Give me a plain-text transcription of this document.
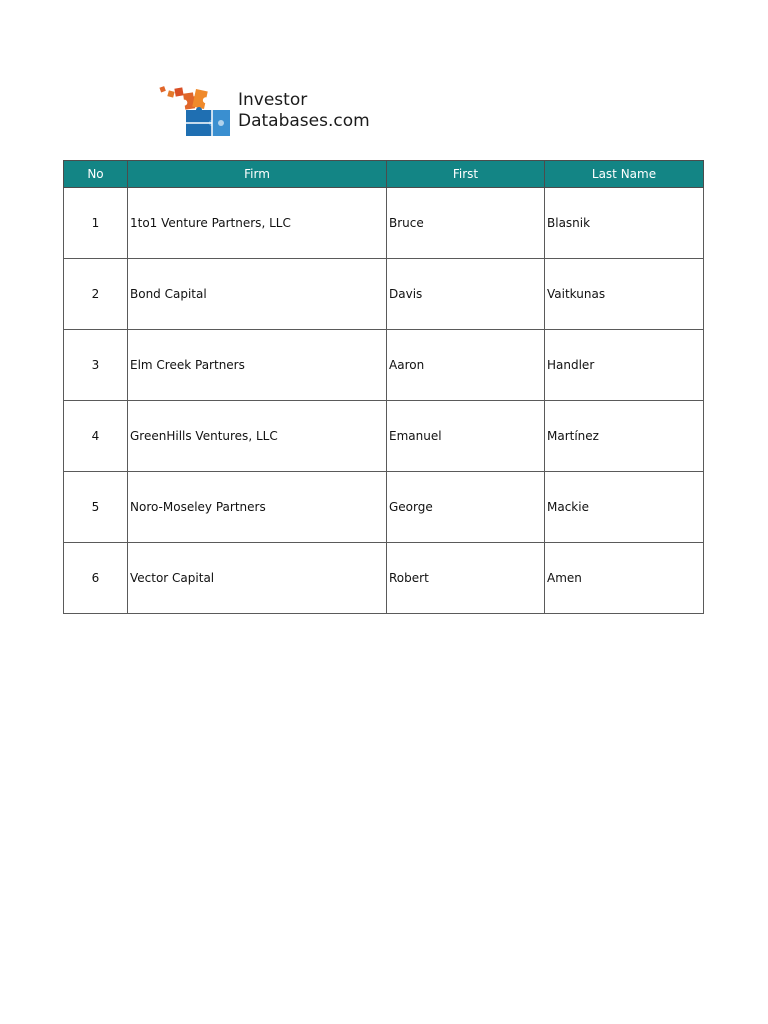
Investor
Databases.com
No	Firm	First	Last Name
1	1to1 Venture Partners, LLC	Bruce	Blasnik
2	Bond Capital	Davis	Vaitkunas
3	Elm Creek Partners	Aaron	Handler
4	GreenHills Ventures, LLC	Emanuel	Martínez
5	Noro-Moseley Partners	George	Mackie
6	Vector Capital	Robert	Amen
